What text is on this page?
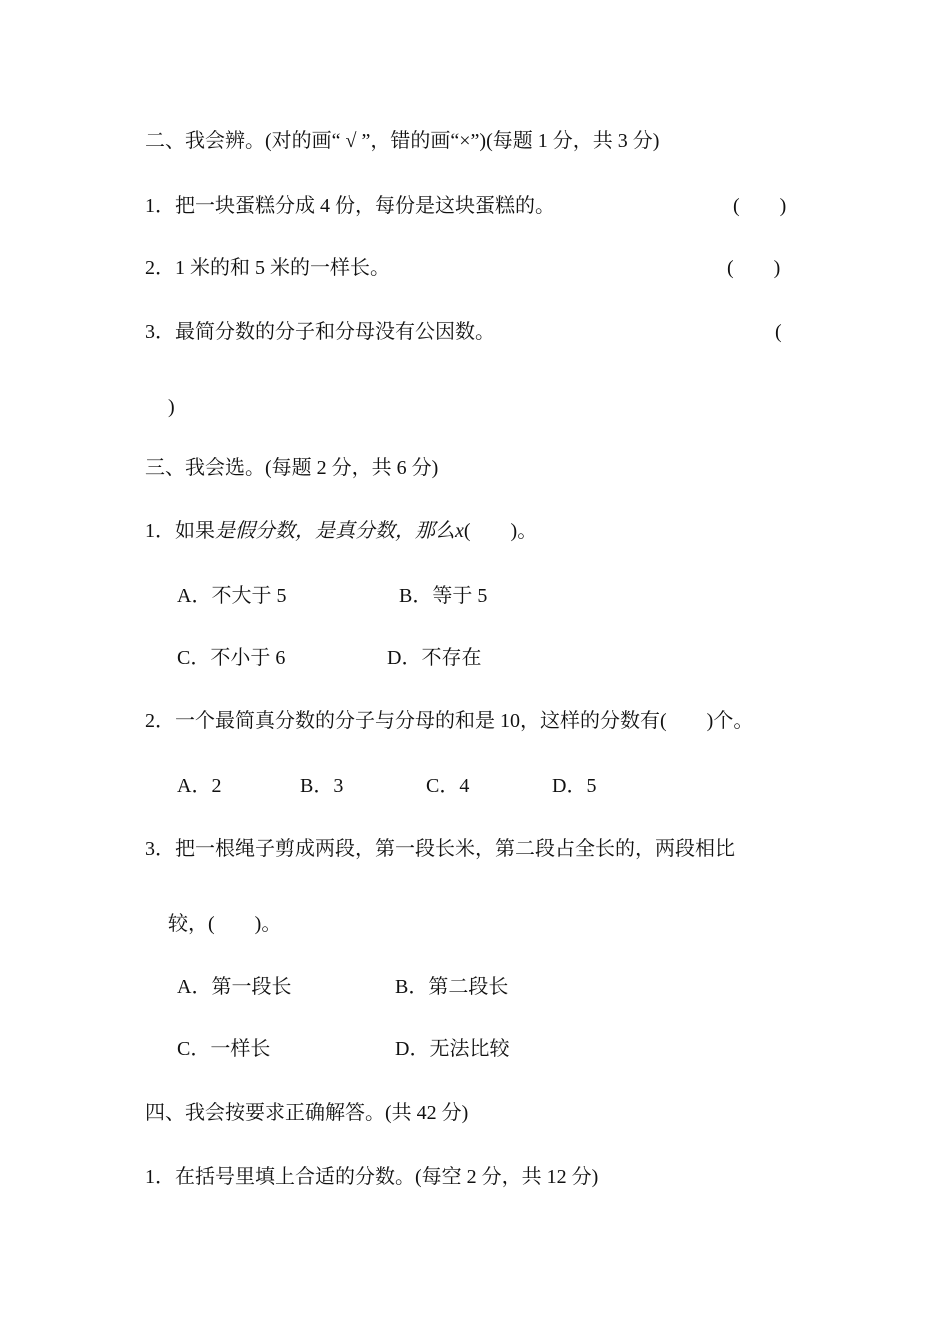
二、我会辨。(对的画“ √ ”，错的画“×”)(每题 1 分，共 3 分)
1．把一块蛋糕分成 4 份，每份是这块蛋糕的。	(　　)
2．1 米的和 5 米的一样长。	(　　)
3．最简分数的分子和分母没有公因数。	(
)
三、我会选。(每题 2 分，共 6 分)
1．如果是假分数，是真分数，那么x(　　)。
A．不大于 5	B．等于 5
C．不小于 6	D．不存在
2．一个最简真分数的分子与分母的和是 10，这样的分数有(　　)个。
A．2	B．3	C．4	D．5
3．把一根绳子剪成两段，第一段长米，第二段占全长的，两段相比
较，(　　)。
A．第一段长	B．第二段长
C．一样长	D．无法比较
四、我会按要求正确解答。(共 42 分)
1．在括号里填上合适的分数。(每空 2 分，共 12 分)
